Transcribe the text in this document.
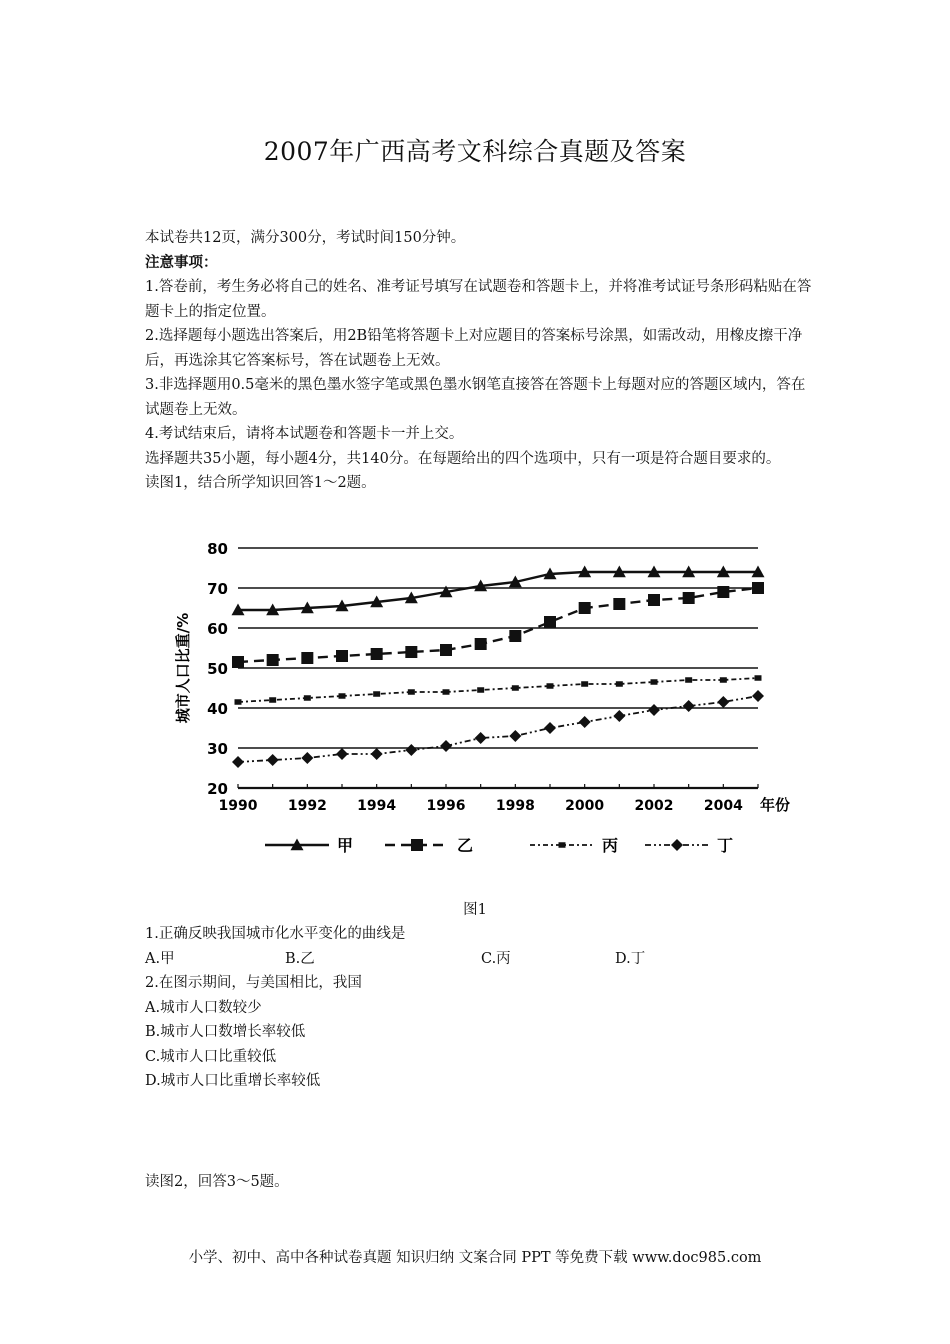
2007年广西高考文科综合真题及答案

本试卷共12页，满分300分，考试时间150分钟。

注意事项：

1.答卷前，考生务必将自己的姓名、准考证号填写在试题卷和答题卡上，并将准考试证号条形码粘贴在答题卡上的指定位置。

2.选择题每小题选出答案后，用2B铅笔将答题卡上对应题目的答案标号涂黑，如需改动，用橡皮擦干净后，再选涂其它答案标号，答在试题卷上无效。

3.非选择题用0.5毫米的黑色墨水签字笔或黑色墨水钢笔直接答在答题卡上每题对应的答题区域内，答在试题卷上无效。

4.考试结束后，请将本试题卷和答题卡一并上交。

选择题共35小题，每小题4分，共140分。在每题给出的四个选项中，只有一项是符合题目要求的。

读图1，结合所学知识回答1～2题。

80
70
60
50
40
30
20
城市人口比重/%
1990 1992 1994 1996 1998 2000 2002 2004 年份
甲	乙	丙	丁
图1

1.正确反映我国城市化水平变化的曲线是

A.甲	B.乙	C.丙	D.丁

2.在图示期间，与美国相比，我国

A.城市人口数较少

B.城市人口数增长率较低

C.城市人口比重较低

D.城市人口比重增长率较低

读图2，回答3～5题。
小学、初中、高中各种试卷真题 知识归纳 文案合同 PPT 等免费下载 www.doc985.com
